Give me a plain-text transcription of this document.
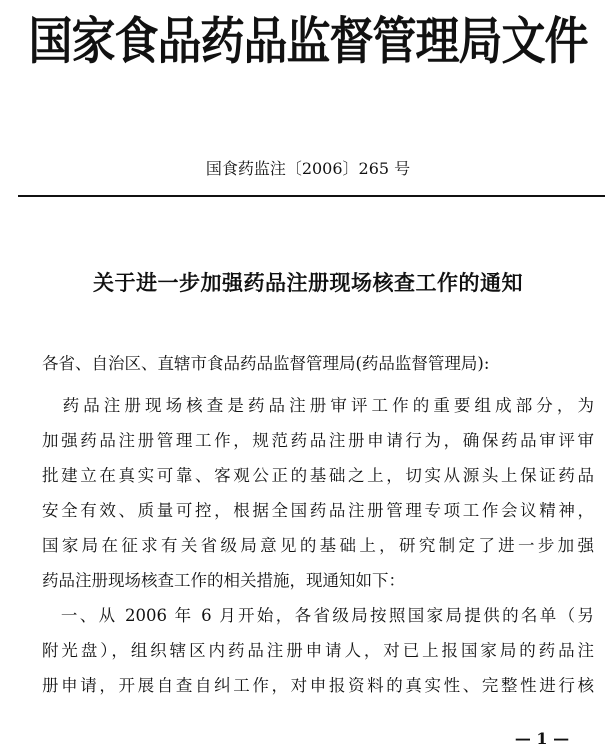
国家食品药品监督管理局文件
国食药监注〔2006〕265 号
关于进一步加强药品注册现场核查工作的通知
各省、自治区、直辖市食品药品监督管理局(药品监督管理局):
　药品注册现场核查是药品注册审评工作的重要组成部分，为
加强药品注册管理工作，规范药品注册申请行为，确保药品审评审
批建立在真实可靠、客观公正的基础之上，切实从源头上保证药品
安全有效、质量可控，根据全国药品注册管理专项工作会议精神，
国家局在征求有关省级局意见的基础上，研究制定了进一步加强
药品注册现场核查工作的相关措施，现通知如下：
　一、从 2006 年 6 月开始，各省级局按照国家局提供的名单（另
附光盘），组织辖区内药品注册申请人，对已上报国家局的药品注
册申请，开展自查自纠工作，对申报资料的真实性、完整性进行核
— 1 —
